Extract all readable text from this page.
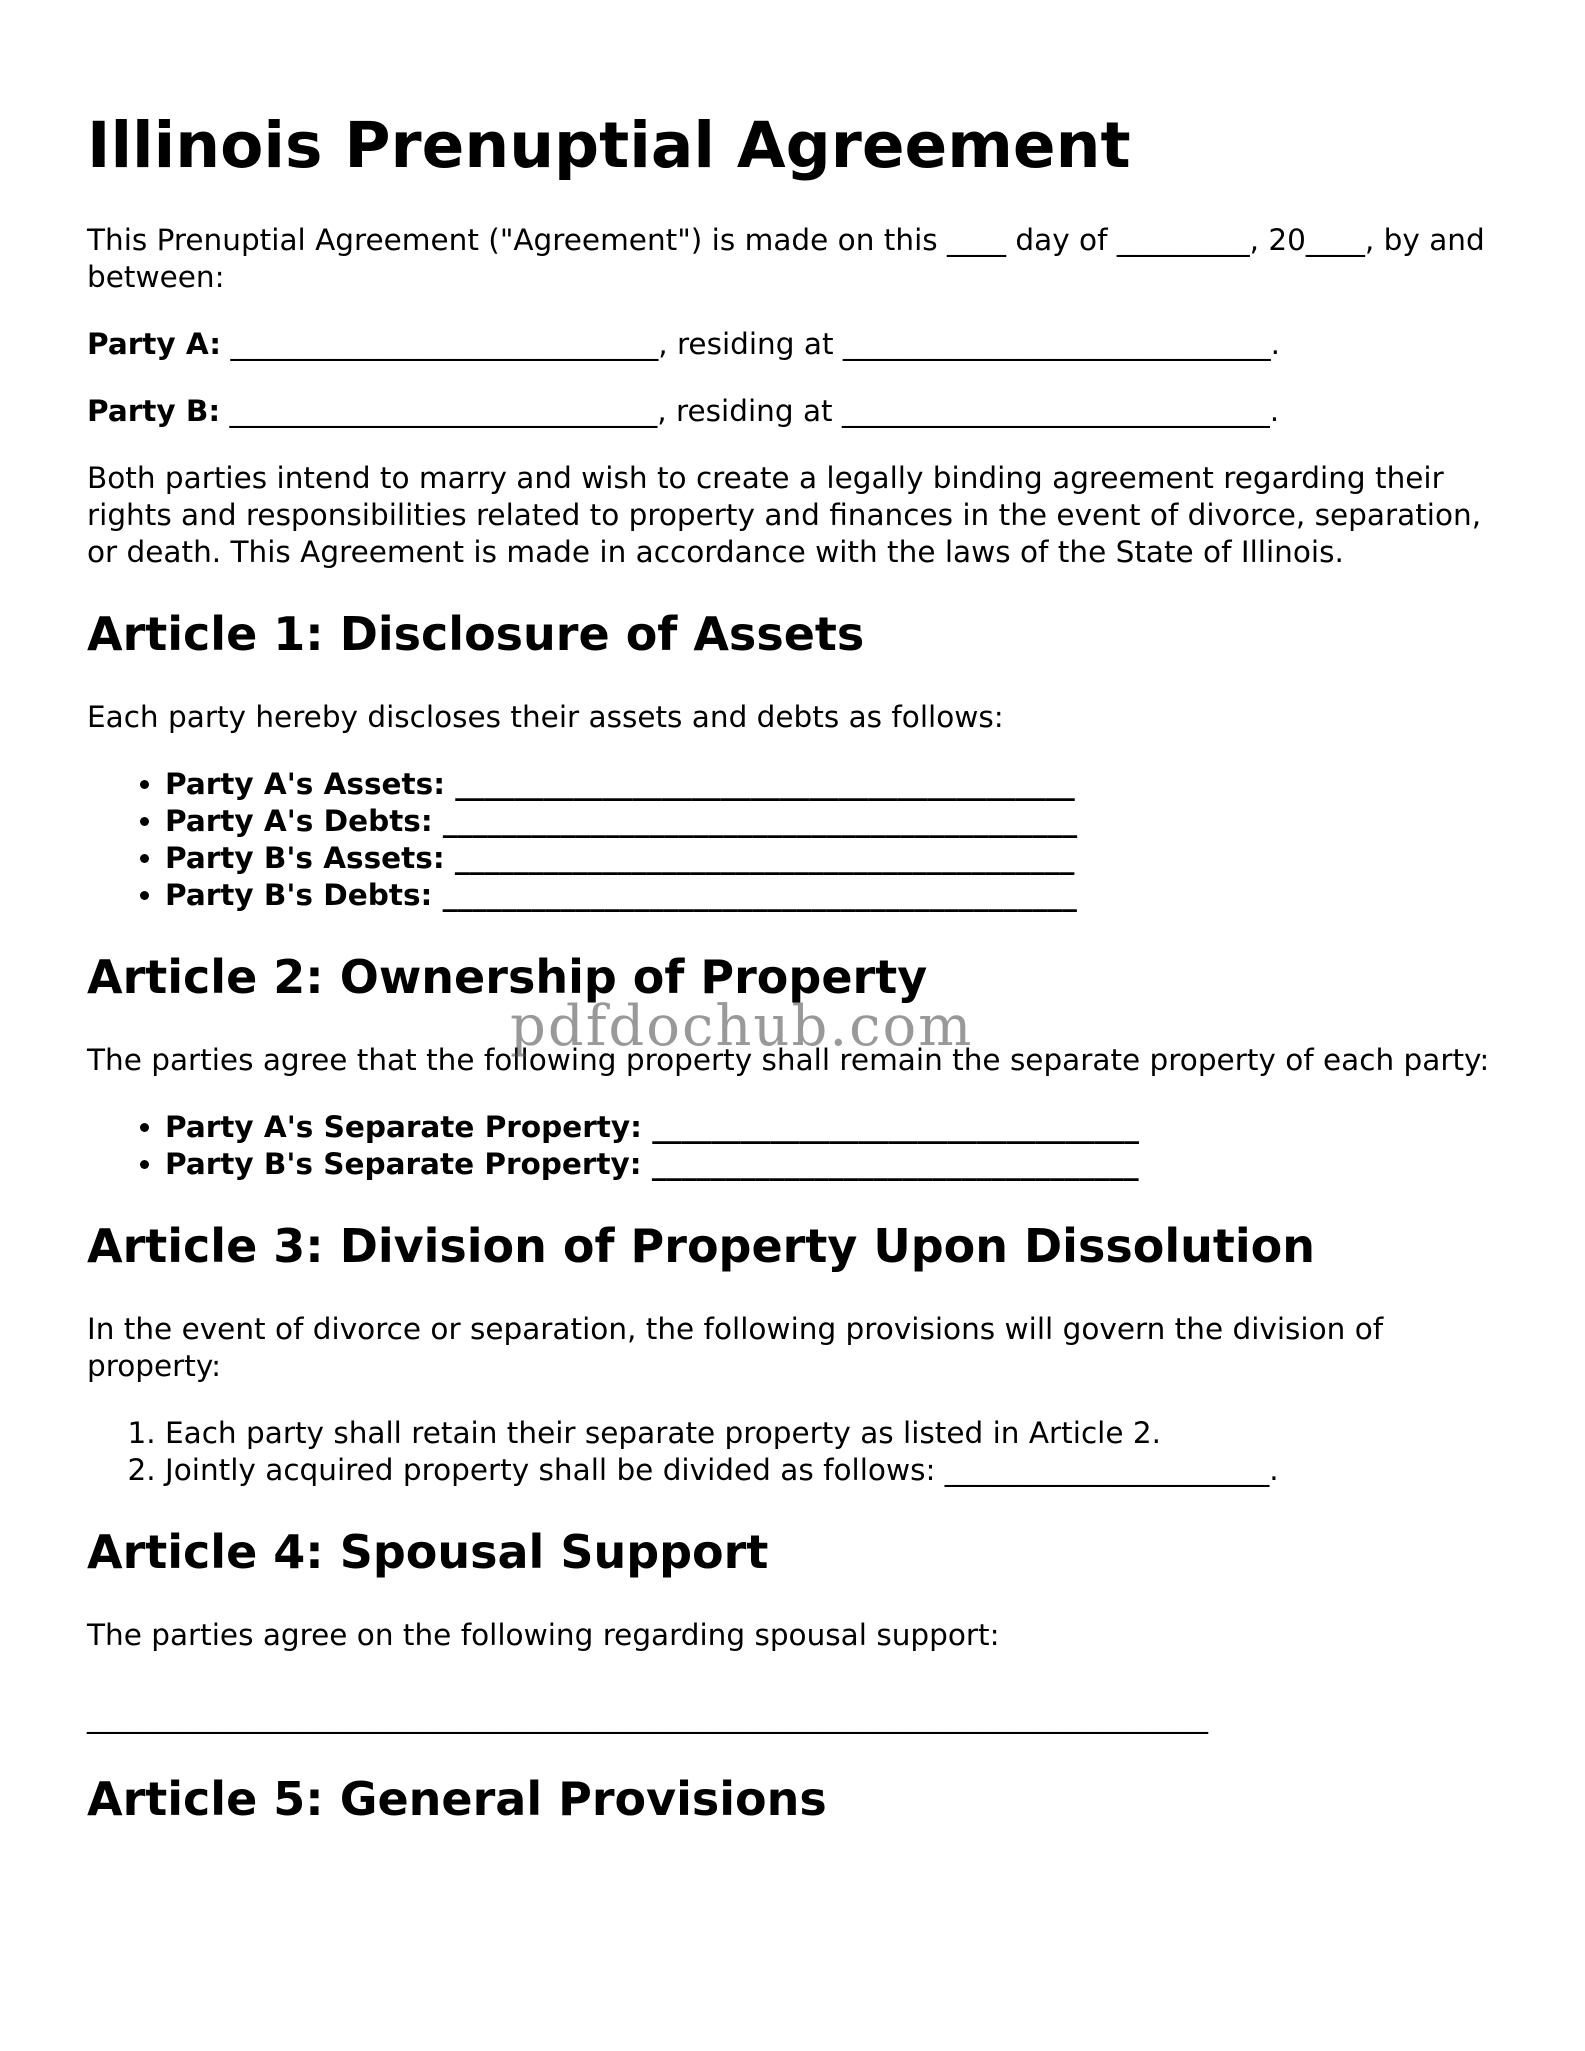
Illinois Prenuptial Agreement

This Prenuptial Agreement ("Agreement") is made on this ____ day of _________, 20____, by and between:

Party A: _____________________________, residing at _____________________________.

Party B: _____________________________, residing at _____________________________.

Both parties intend to marry and wish to create a legally binding agreement regarding their rights and responsibilities related to property and finances in the event of divorce, separation, or death. This Agreement is made in accordance with the laws of the State of Illinois.

Article 1: Disclosure of Assets

Each party hereby discloses their assets and debts as follows:

• Party A's Assets: __________________________________________
• Party A's Debts: ___________________________________________
• Party B's Assets: __________________________________________
• Party B's Debts: ___________________________________________
Article 2: Ownership of Property

The parties agree that the following property shall remain the separate property of each party:

• Party A's Separate Property: _________________________________
• Party B's Separate Property: _________________________________
Article 3: Division of Property Upon Dissolution

In the event of divorce or separation, the following provisions will govern the division of property:

1. Each party shall retain their separate property as listed in Article 2.
2. Jointly acquired property shall be divided as follows: ______________________.
Article 4: Spousal Support

The parties agree on the following regarding spousal support:

____________________________________________________________________________

Article 5: General Provisions
pdfdochub.com
